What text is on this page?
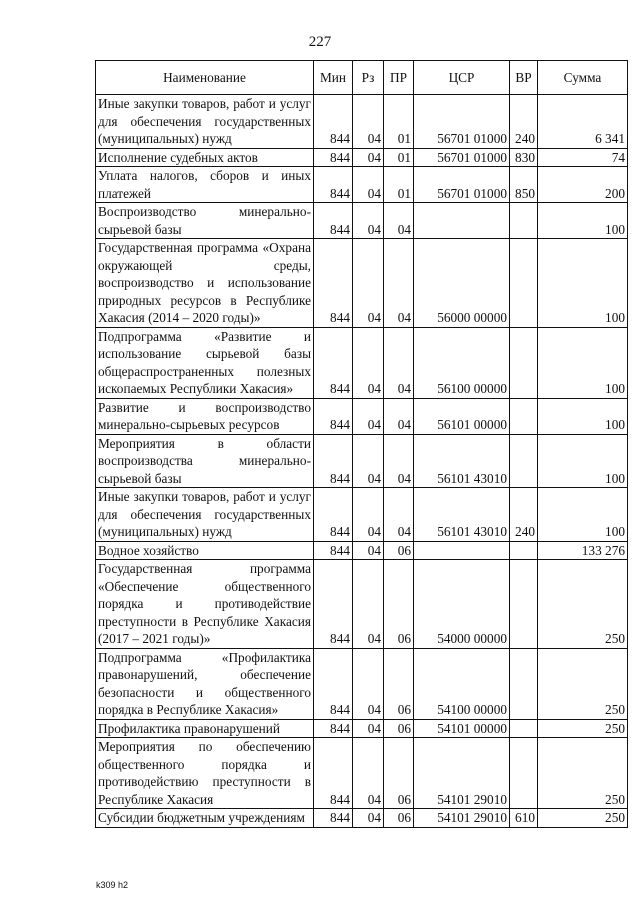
227
Наименование	Мин	Рз	ПР	ЦСР	ВР	Сумма
Иные закупки товаров, работ и услуг для обеспечения государственных (муниципальных) нужд	844	04	01	56701 01000	240	6 341
Исполнение судебных актов	844	04	01	56701 01000	830	74
Уплата налогов, сборов и иных платежей	844	04	01	56701 01000	850	200
Воспроизводство минерально-сырьевой базы	844	04	04			100
Государственная программа «Охрана окружающей среды, воспроизводство и использование природных ресурсов в Республике Хакасия (2014 – 2020 годы)»	844	04	04	56000 00000		100
Подпрограмма «Развитие и использование сырьевой базы общераспространенных полезных ископаемых Республики Хакасия»	844	04	04	56100 00000		100
Развитие и воспроизводство минерально-сырьевых ресурсов	844	04	04	56101 00000		100
Мероприятия в области воспроизводства минерально-сырьевой базы	844	04	04	56101 43010		100
Иные закупки товаров, работ и услуг для обеспечения государственных (муниципальных) нужд	844	04	04	56101 43010	240	100
Водное хозяйство	844	04	06			133 276
Государственная программа «Обеспечение общественного порядка и противодействие преступности в Республике Хакасия (2017 – 2021 годы)»	844	04	06	54000 00000		250
Подпрограмма «Профилактика правонарушений, обеспечение безопасности и общественного порядка в Республике Хакасия»	844	04	06	54100 00000		250
Профилактика правонарушений	844	04	06	54101 00000		250
Мероприятия по обеспечению общественного порядка и противодействию преступности в Республике Хакасия	844	04	06	54101 29010		250
Субсидии бюджетным учреждениям	844	04	06	54101 29010	610	250
k309 h2
